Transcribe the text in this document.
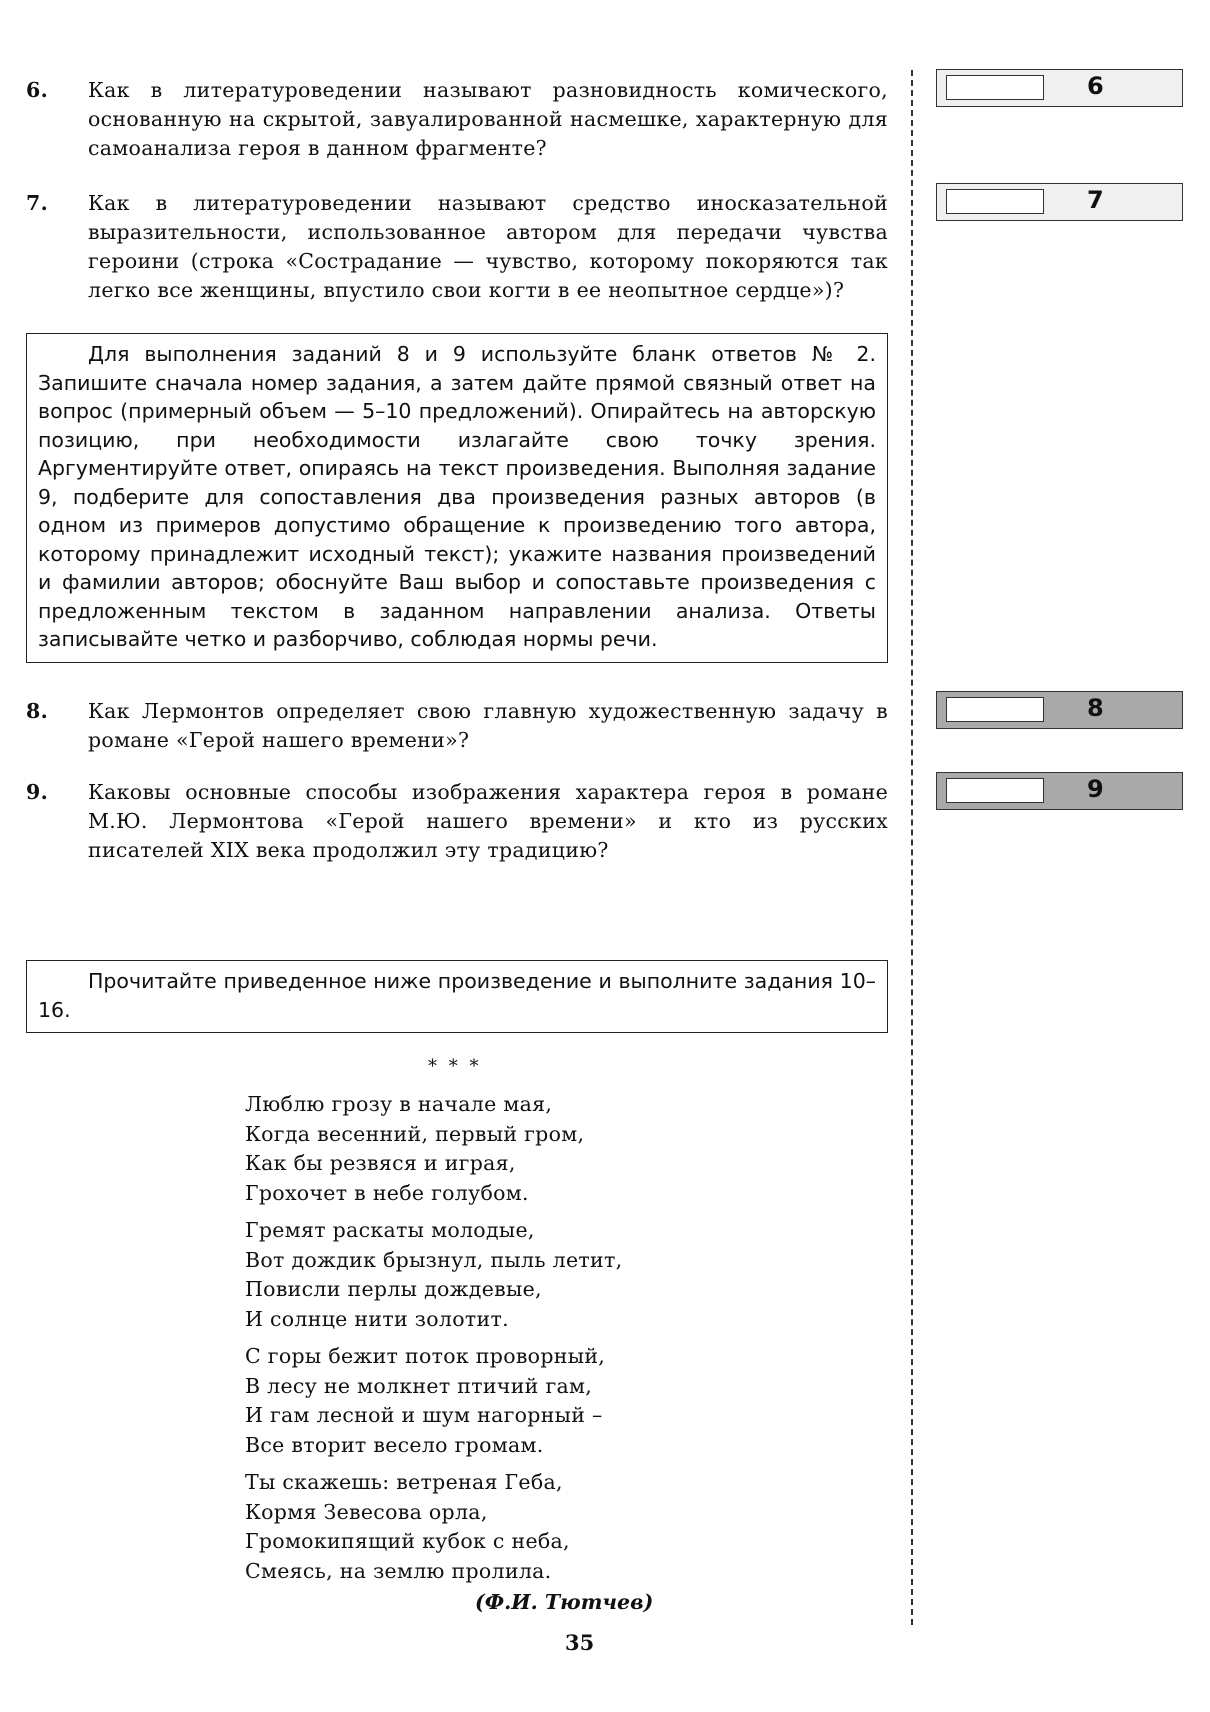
6. Как в литературоведении называют разновидность комического, основанную на скрытой, завуалированной насмешке, характерную для самоанализа героя в данном фрагменте?
7. Как в литературоведении называют средство иносказательной выразительности, использованное автором для передачи чувства героини (строка «Сострадание — чувство, которому покоряются так легко все женщины, впустило свои когти в ее неопытное сердце»)?

Для выполнения заданий 8 и 9 используйте бланк ответов № 2. Запишите сначала номер задания, а затем дайте прямой связный ответ на вопрос (примерный объем — 5–10 предложений). Опирайтесь на авторскую позицию, при необходимости излагайте свою точку зрения. Аргументируйте ответ, опираясь на текст произведения. Выполняя задание 9, подберите для сопоставления два произведения разных авторов (в одном из примеров допустимо обращение к произведению того автора, которому принадлежит исходный текст); укажите названия произведений и фамилии авторов; обоснуйте Ваш выбор и сопоставьте произведения с предложенным текстом в заданном направлении анализа. Ответы записывайте четко и разборчиво, соблюдая нормы речи.

8. Как Лермонтов определяет свою главную художественную задачу в романе «Герой нашего времени»?
9. Каковы основные способы изображения характера героя в романе М.Ю. Лермонтова «Герой нашего времени» и кто из русских писателей XIX века продолжил эту традицию?

Прочитайте приведенное ниже произведение и выполните задания 10–16.

6
7
8
9
* * *
Люблю грозу в начале мая,
Когда весенний, первый гром,
Как бы резвяся и играя,
Грохочет в небе голубом.
Гремят раскаты молодые,
Вот дождик брызнул, пыль летит,
Повисли перлы дождевые,
И солнце нити золотит.
С горы бежит поток проворный,
В лесу не молкнет птичий гам,
И гам лесной и шум нагорный –
Все вторит весело громам.
Ты скажешь: ветреная Геба,
Кормя Зевесова орла,
Громокипящий кубок с неба,
Смеясь, на землю пролила.
(Ф.И. Тютчев)
35
